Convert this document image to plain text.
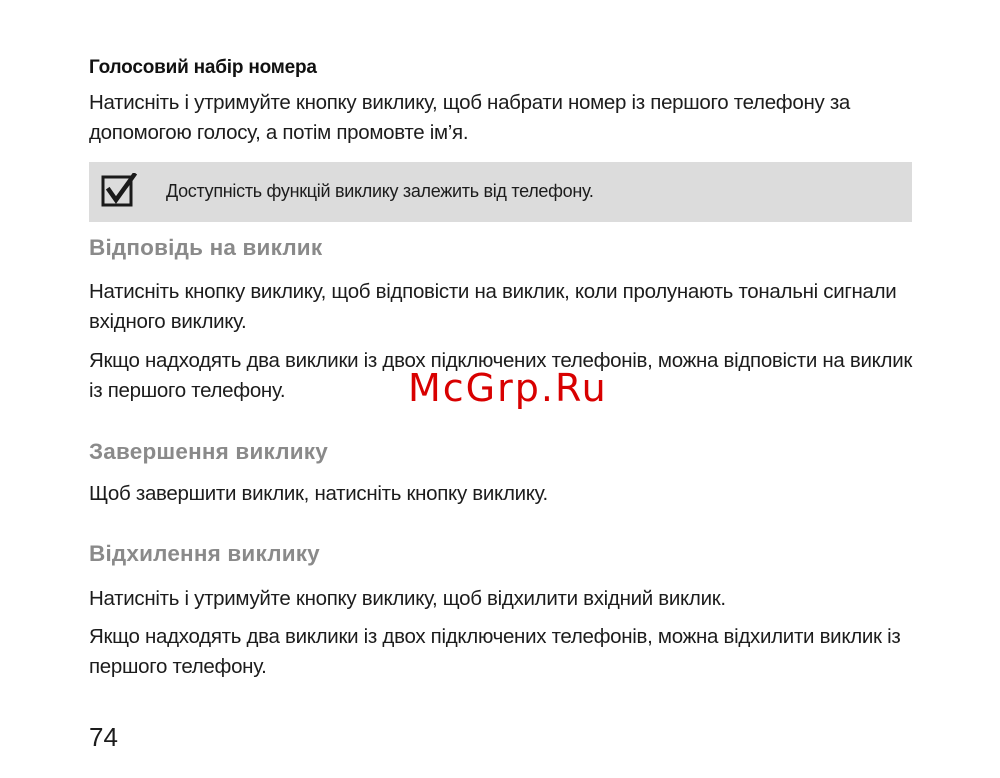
Голосовий набір номера
Натисніть і утримуйте кнопку виклику, щоб набрати номер із першого телефону за допомогою голосу, а потім промовте ім’я.
Доступність функцій виклику залежить від телефону.
Відповідь на виклик
Натисніть кнопку виклику, щоб відповісти на виклик, коли пролунають тональні сигнали вхідного виклику.
Якщо надходять два виклики із двох підключених телефонів, можна відповісти на виклик із першого телефону.
Завершення виклику
Щоб завершити виклик, натисніть кнопку виклику.
Відхилення виклику
Натисніть і утримуйте кнопку виклику, щоб відхилити вхідний виклик.
Якщо надходять два виклики із двох підключених телефонів, можна відхилити виклик із першого телефону.
McGrp.Ru
74
